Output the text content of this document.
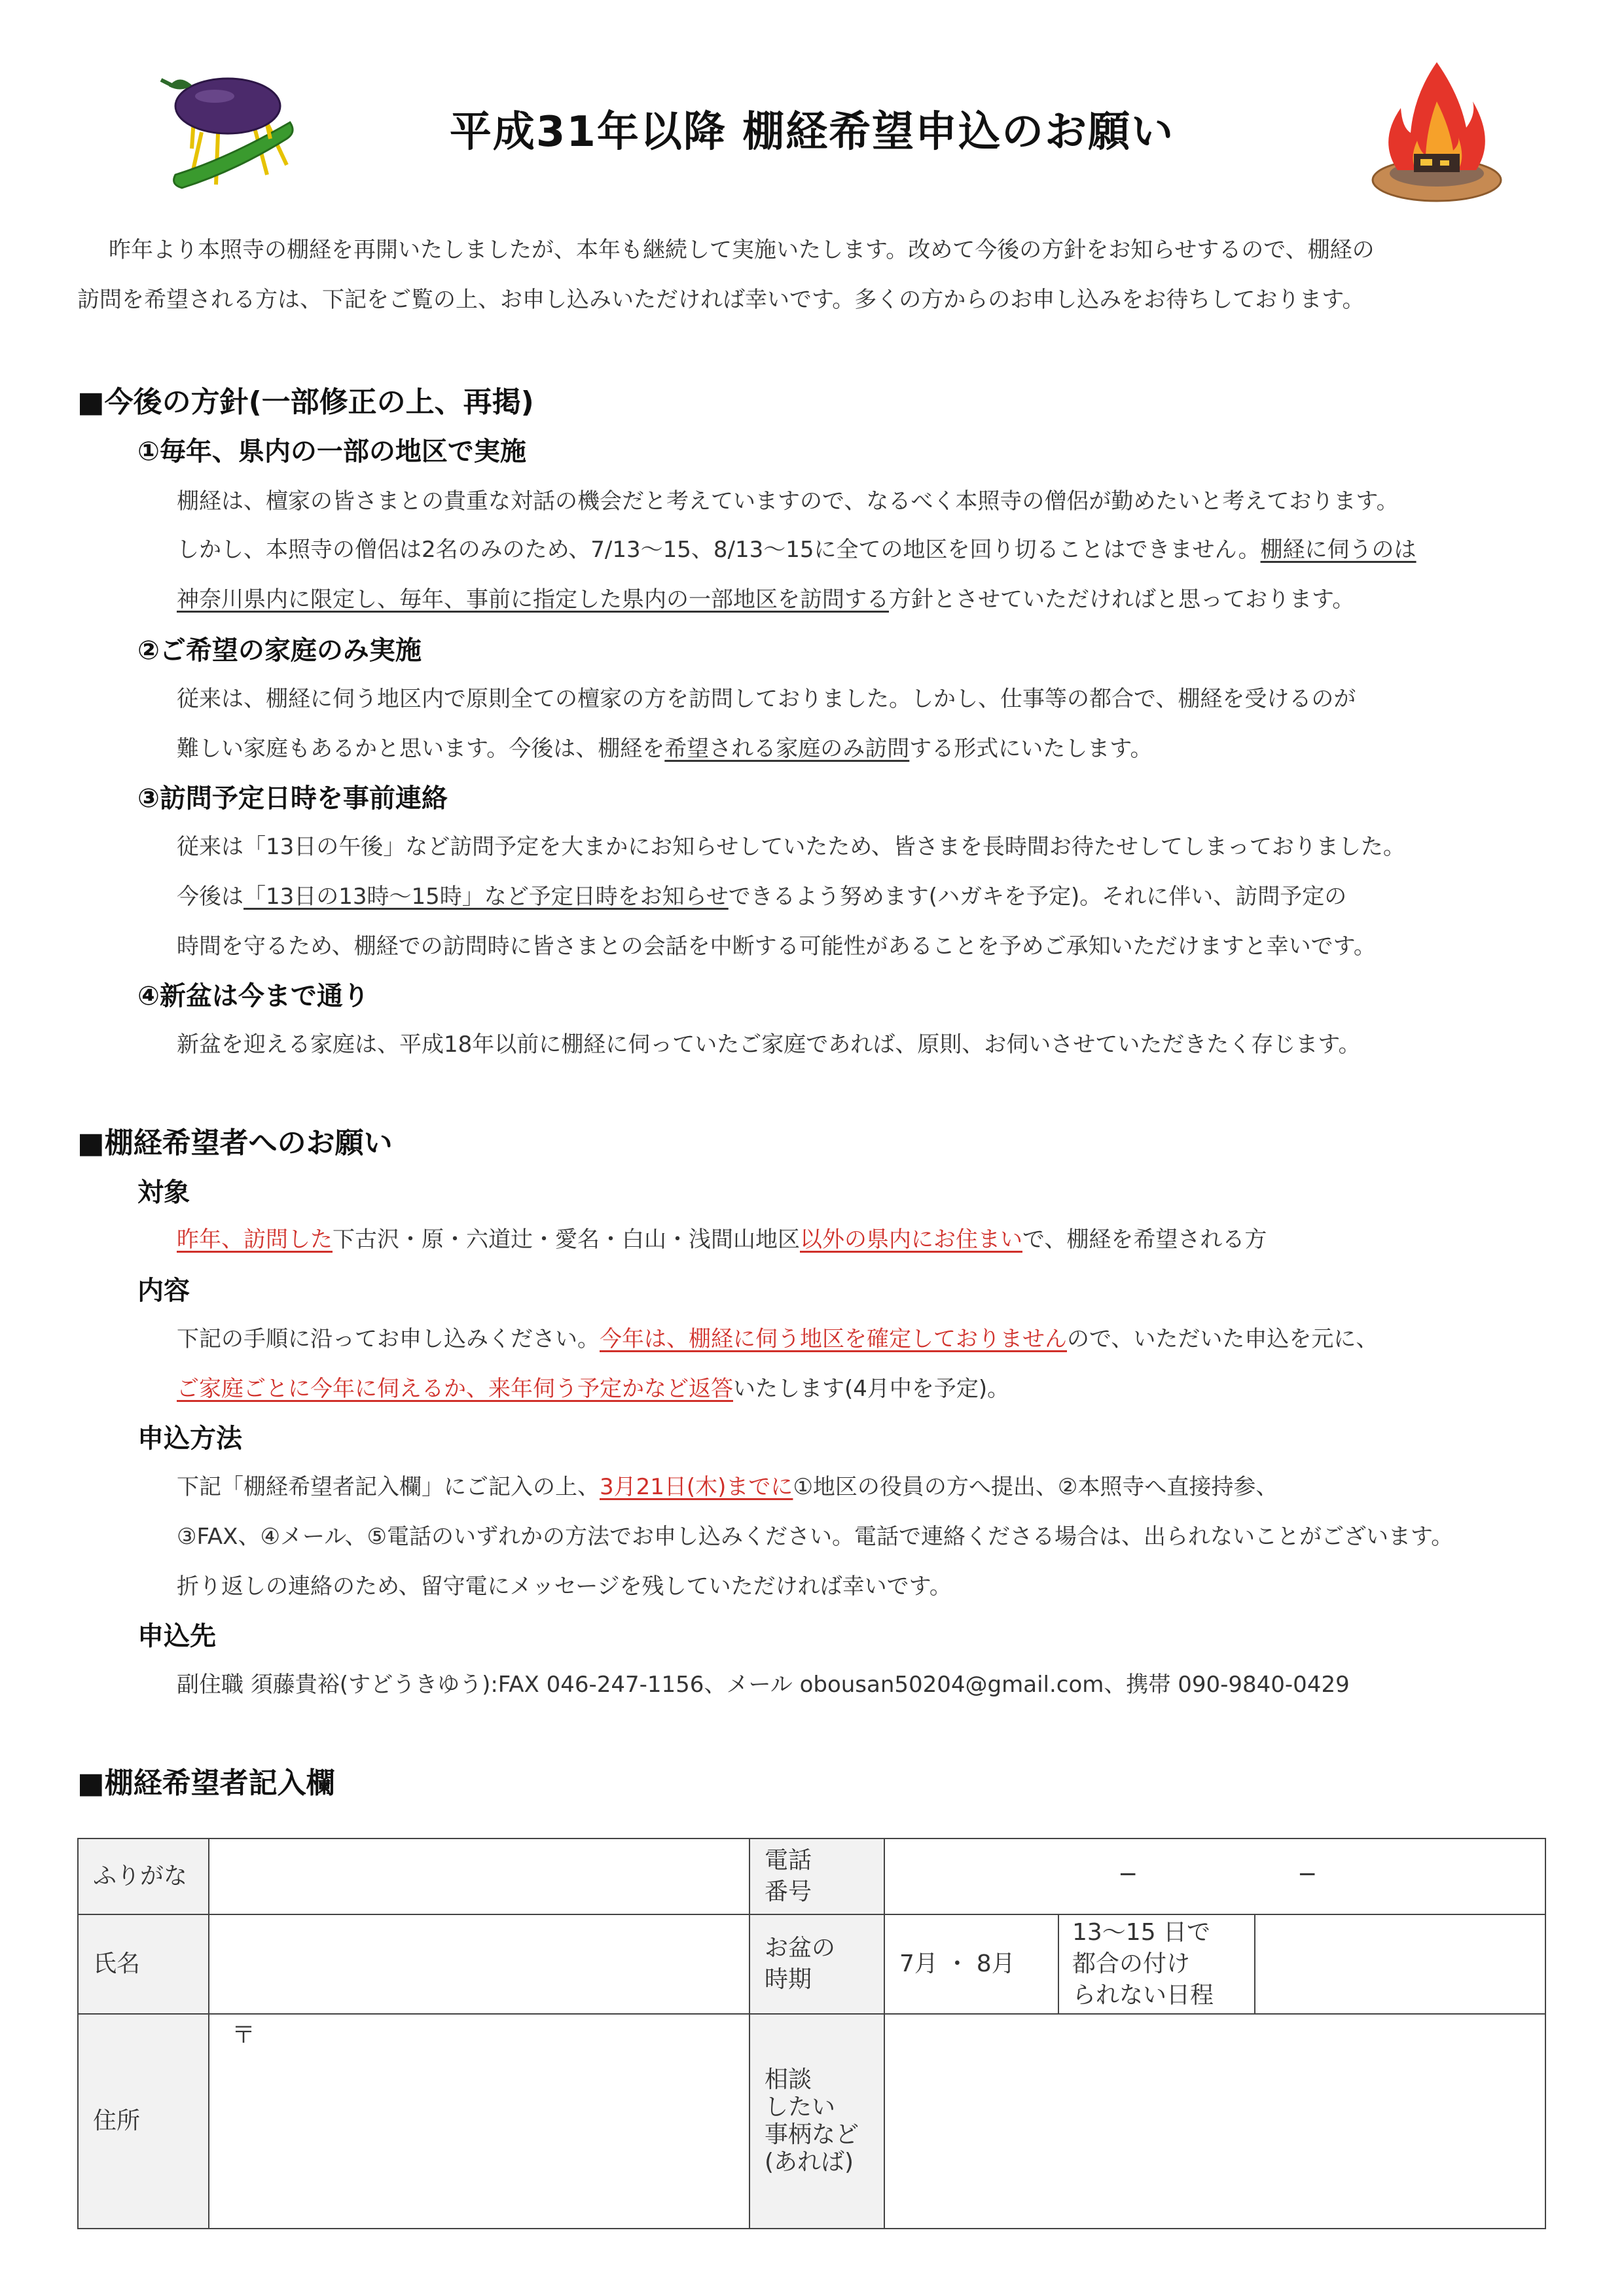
平成31年以降 棚経希望申込のお願い
昨年より本照寺の棚経を再開いたしましたが、本年も継続して実施いたします。改めて今後の方針をお知らせするので、棚経の
訪問を希望される方は、下記をご覧の上、お申し込みいただければ幸いです。多くの方からのお申し込みをお待ちしております。
■今後の方針(一部修正の上、再掲)
①毎年、県内の一部の地区で実施
棚経は、檀家の皆さまとの貴重な対話の機会だと考えていますので、なるべく本照寺の僧侶が勤めたいと考えております。
しかし、本照寺の僧侶は2名のみのため、7/13〜15、8/13〜15に全ての地区を回り切ることはできません。棚経に伺うのは
神奈川県内に限定し、毎年、事前に指定した県内の一部地区を訪問する方針とさせていただければと思っております。
②ご希望の家庭のみ実施
従来は、棚経に伺う地区内で原則全ての檀家の方を訪問しておりました。しかし、仕事等の都合で、棚経を受けるのが
難しい家庭もあるかと思います。今後は、棚経を希望される家庭のみ訪問する形式にいたします。
③訪問予定日時を事前連絡
従来は「13日の午後」など訪問予定を大まかにお知らせしていたため、皆さまを長時間お待たせしてしまっておりました。
今後は「13日の13時〜15時」など予定日時をお知らせできるよう努めます(ハガキを予定)。それに伴い、訪問予定の
時間を守るため、棚経での訪問時に皆さまとの会話を中断する可能性があることを予めご承知いただけますと幸いです。
④新盆は今まで通り
新盆を迎える家庭は、平成18年以前に棚経に伺っていたご家庭であれば、原則、お伺いさせていただきたく存じます。
■棚経希望者へのお願い
対象
昨年、訪問した下古沢・原・六道辻・愛名・白山・浅間山地区以外の県内にお住まいで、棚経を希望される方
内容
下記の手順に沿ってお申し込みください。今年は、棚経に伺う地区を確定しておりませんので、いただいた申込を元に、
ご家庭ごとに今年に伺えるか、来年伺う予定かなど返答いたします(4月中を予定)。
申込方法
下記「棚経希望者記入欄」にご記入の上、3月21日(木)までに①地区の役員の方へ提出、②本照寺へ直接持参、
③FAX、④メール、⑤電話のいずれかの方法でお申し込みください。電話で連絡くださる場合は、出られないことがございます。
折り返しの連絡のため、留守電にメッセージを残していただければ幸いです。
申込先
副住職 須藤貴裕(すどうきゆう):FAX 046-247-1156、メール obousan50204@gmail.com、携帯 090-9840-0429
■棚経希望者記入欄
ふりがな
電話
番号
−	−
氏名
お盆の
時期
7月 ・ 8月
13〜15 日で
都合の付け
られない日程
住所
〒
相談
したい
事柄など
(あれば)
